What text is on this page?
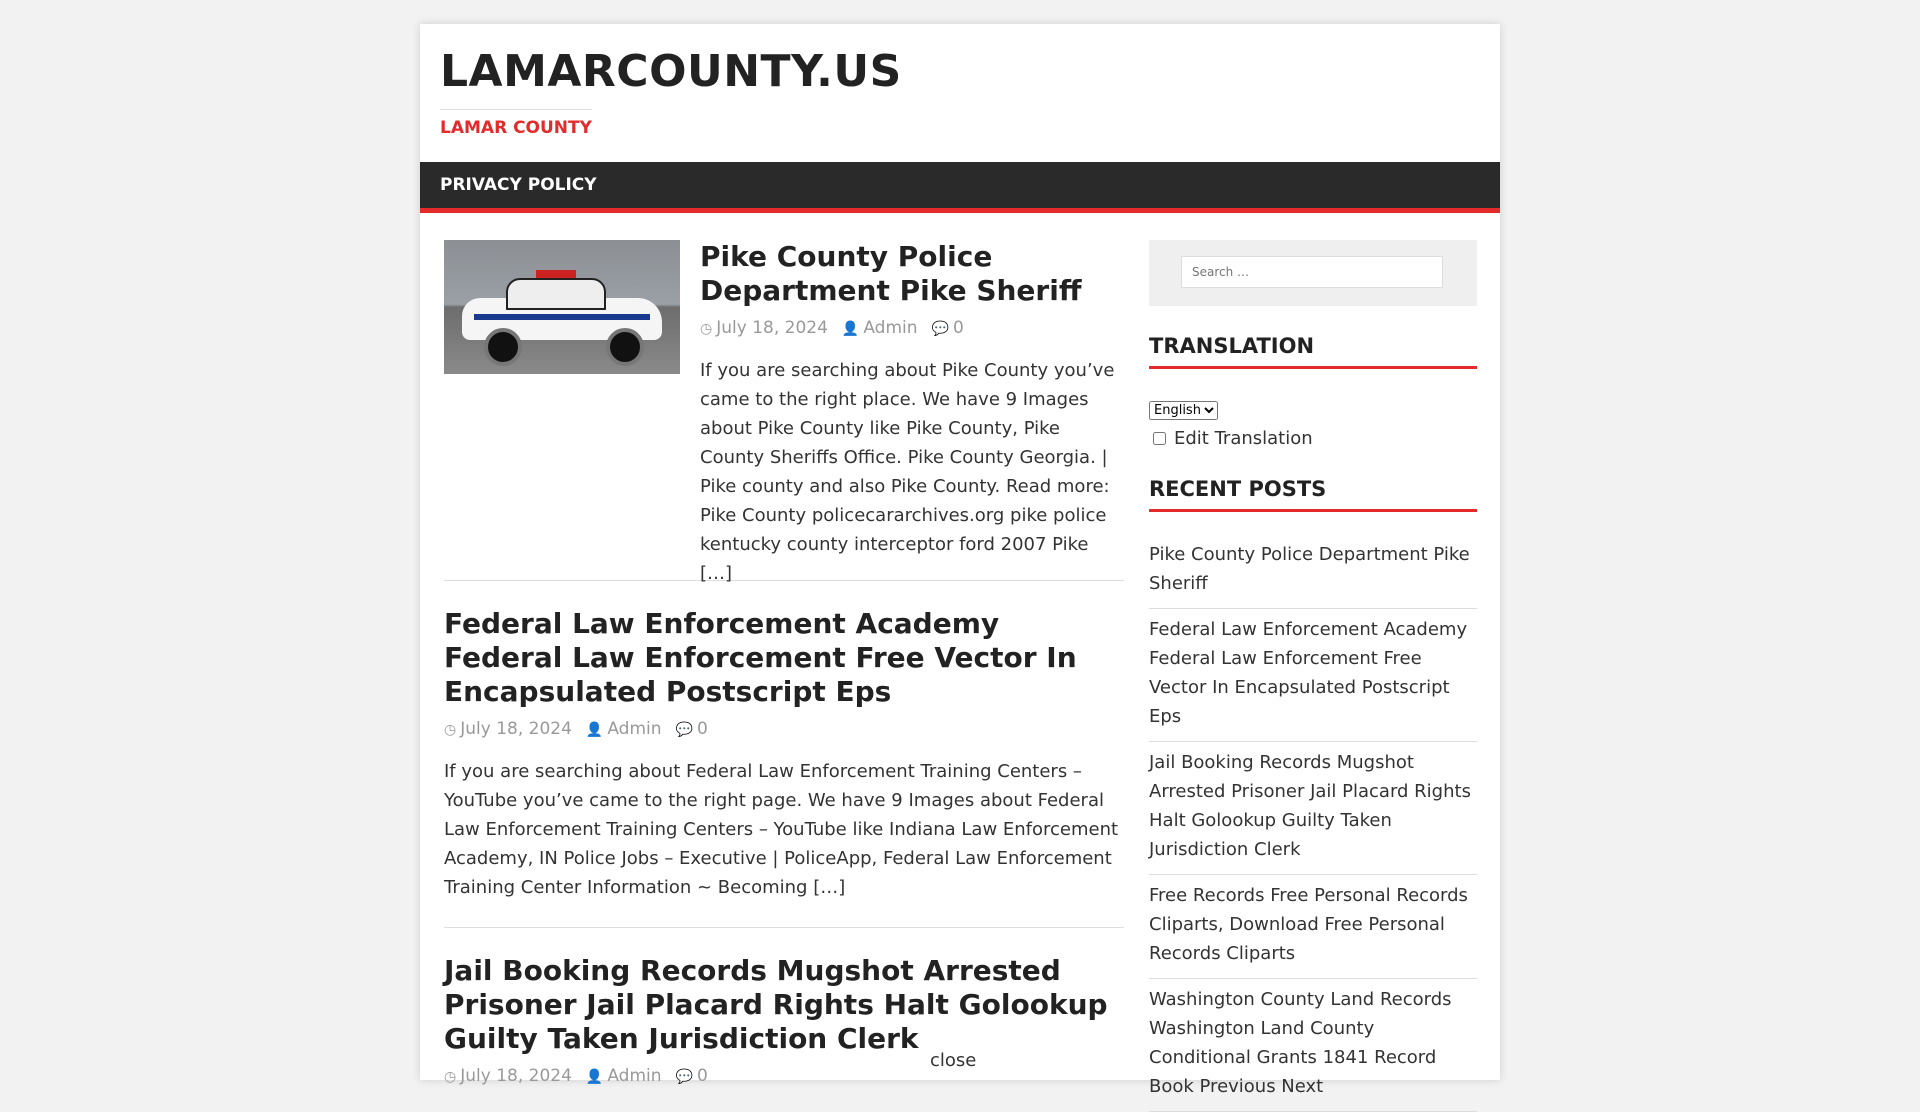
LAMARCOUNTY.US
LAMAR COUNTY
PRIVACY POLICY
Pike County Police Department Pike Sheriff
◷ July 18, 2024 👤 Admin 💬 0
If you are searching about Pike County you’ve came to the right place. We have 9 Images about Pike County like Pike County, Pike County Sheriffs Office. Pike County Georgia. | Pike county and also Pike County. Read more: Pike County policecararchives.org pike police kentucky county interceptor ford 2007 Pike […]
Federal Law Enforcement Academy Federal Law Enforcement Free Vector In Encapsulated Postscript Eps
◷ July 18, 2024 👤 Admin 💬 0
If you are searching about Federal Law Enforcement Training Centers – YouTube you’ve came to the right page. We have 9 Images about Federal Law Enforcement Training Centers – YouTube like Indiana Law Enforcement Academy, IN Police Jobs – Executive | PoliceApp, Federal Law Enforcement Training Center Information ~ Becoming […]
Jail Booking Records Mugshot Arrested Prisoner Jail Placard Rights Halt Golookup Guilty Taken Jurisdiction Clerk
◷ July 18, 2024 👤 Admin 💬 0
Search …
TRANSLATION
English
Edit Translation
RECENT POSTS
Pike County Police Department Pike Sheriff
Federal Law Enforcement Academy Federal Law Enforcement Free Vector In Encapsulated Postscript Eps
Jail Booking Records Mugshot Arrested Prisoner Jail Placard Rights Halt Golookup Guilty Taken Jurisdiction Clerk
Free Records Free Personal Records Cliparts, Download Free Personal Records Cliparts
Washington County Land Records Washington Land County Conditional Grants 1841 Record Book Previous Next
close
